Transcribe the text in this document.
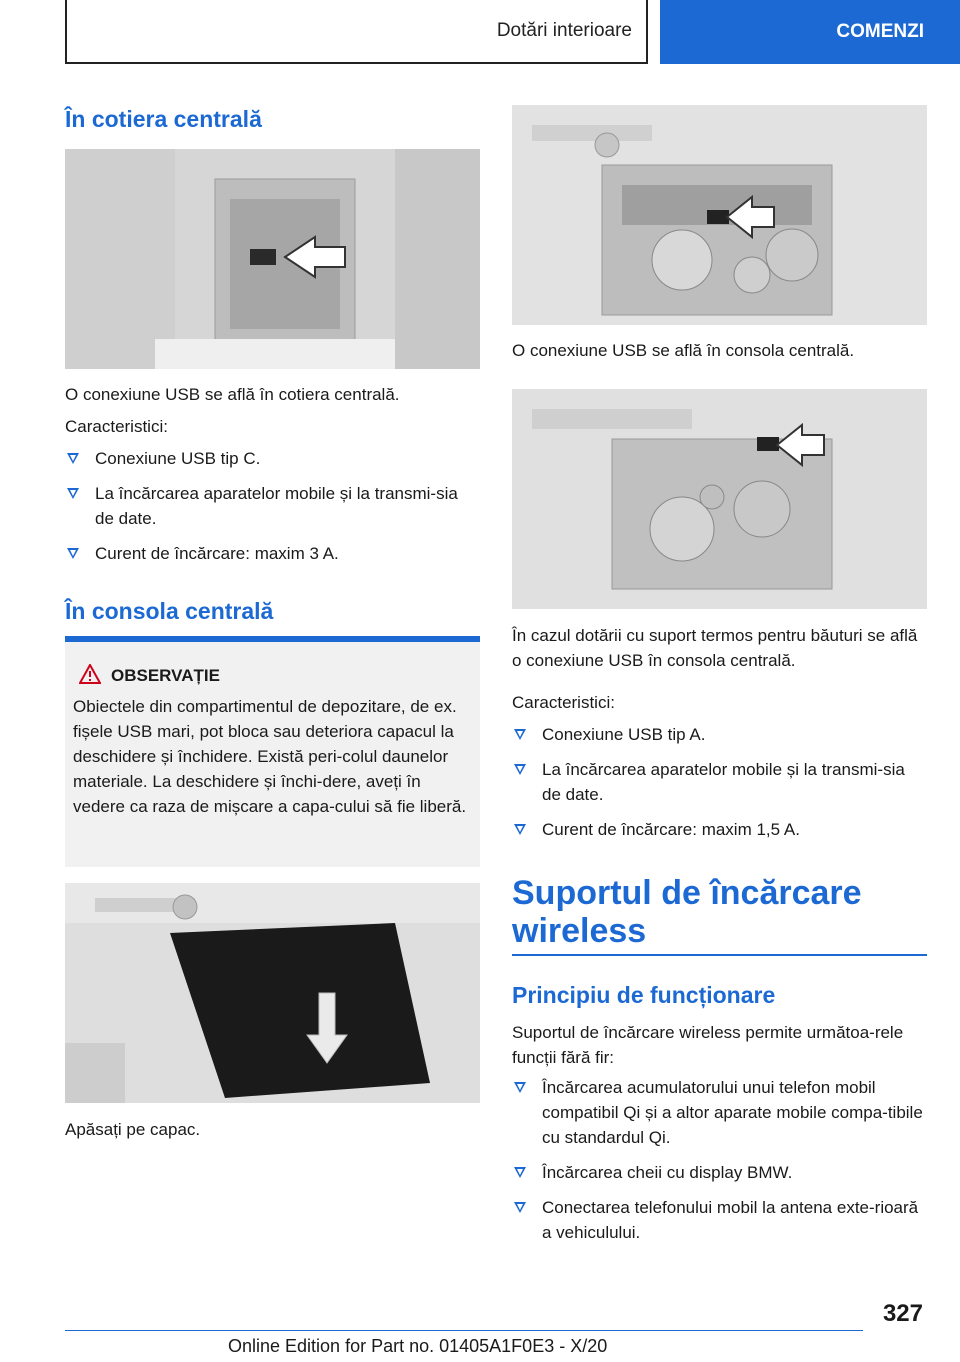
Dotări interioare	COMENZI
În cotiera centrală

O conexiune USB se află în cotiera centrală.

Caracteristici:

Conexiune USB tip C.
La încărcarea aparatelor mobile și la transmi-sia de date.
Curent de încărcare: maxim 3 A.
În consola centrală
OBSERVAȚIE
Obiectele din compartimentul de depozitare, de ex. fișele USB mari, pot bloca sau deteriora capacul la deschidere și închidere. Există peri-colul daunelor materiale. La deschidere și închi-dere, aveți în vedere ca raza de mișcare a capa-cului să fie liberă.

Apăsați pe capac.

O conexiune USB se află în consola centrală.

În cazul dotării cu suport termos pentru băuturi se află o conexiune USB în consola centrală.

Caracteristici:

Conexiune USB tip A.
La încărcarea aparatelor mobile și la transmi-sia de date.
Curent de încărcare: maxim 1,5 A.
Suportul de încărcare wireless
Principiu de funcționare

Suportul de încărcare wireless permite următoa-rele funcții fără fir:

Încărcarea acumulatorului unui telefon mobil compatibil Qi și a altor aparate mobile compa-tibile cu standardul Qi.
Încărcarea cheii cu display BMW.
Conectarea telefonului mobil la antena exte-rioară a vehiculului.
327
Online Edition for Part no. 01405A1F0E3 - X/20
